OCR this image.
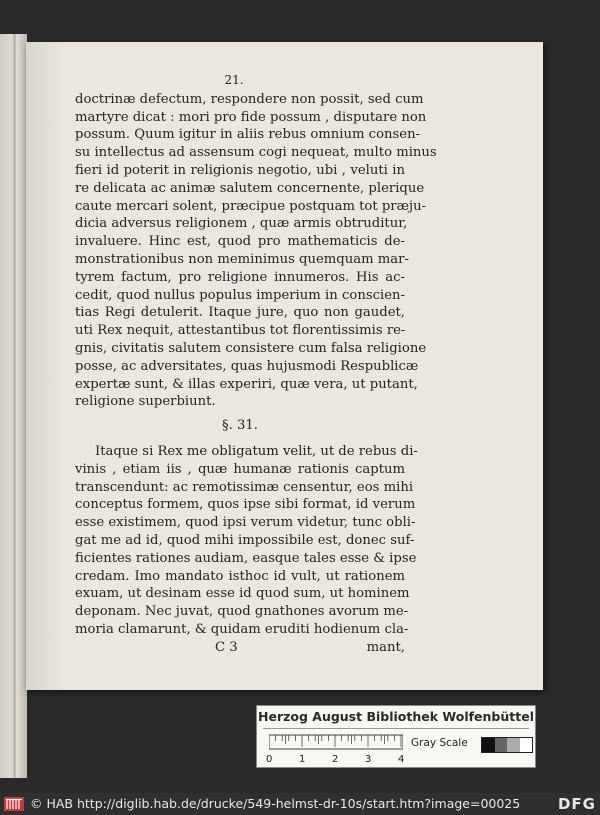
21.
doctrinæ defectum, respondere non possit, sed cum
martyre dicat : mori pro fide possum , disputare non
possum. Quum igitur in aliis rebus omnium consen-
su intellectus ad assensum cogi nequeat, multo minus
fieri id poterit in religionis negotio, ubi , veluti in
re delicata ac animæ salutem concernente, plerique
caute mercari solent, præcipue postquam tot præju-
dicia adversus religionem , quæ armis obtruditur,
invaluere. Hinc est, quod pro mathematicis de-
monstrationibus non meminimus quemquam mar-
tyrem factum, pro religione innumeros. His ac-
cedit, quod nullus populus imperium in conscien-
tias Regi detulerit. Itaque jure, quo non gaudet,
uti Rex nequit, attestantibus tot florentissimis re-
gnis, civitatis salutem consistere cum falsa religione
posse, ac adversitates, quas hujusmodi Respublicæ
expertæ sunt, & illas experiri, quæ vera, ut putant,
religione superbiunt.
§. 31.
Itaque si Rex me obligatum velit, ut de rebus di-
vinis , etiam iis , quæ humanæ rationis captum
transcendunt: ac remotissimæ censentur, eos mihi
conceptus formem, quos ipse sibi format, id verum
esse existimem, quod ipsi verum videtur, tunc obli-
gat me ad id, quod mihi impossibile est, donec suf-
ficientes rationes audiam, easque tales esse & ipse
credam. Imo mandato isthoc id vult, ut rationem
exuam, ut desinam esse id quod sum, ut hominem
deponam. Nec juvat, quod gnathones avorum me-
moria clamarunt, & quidam eruditi hodienum cla-
C 3	mant,
Herzog August Bibliothek Wolfenbüttel
0	1	2	3	4
Gray Scale
© HAB http://diglib.hab.de/drucke/549-helmst-dr-10s/start.htm?image=00025	DFG
